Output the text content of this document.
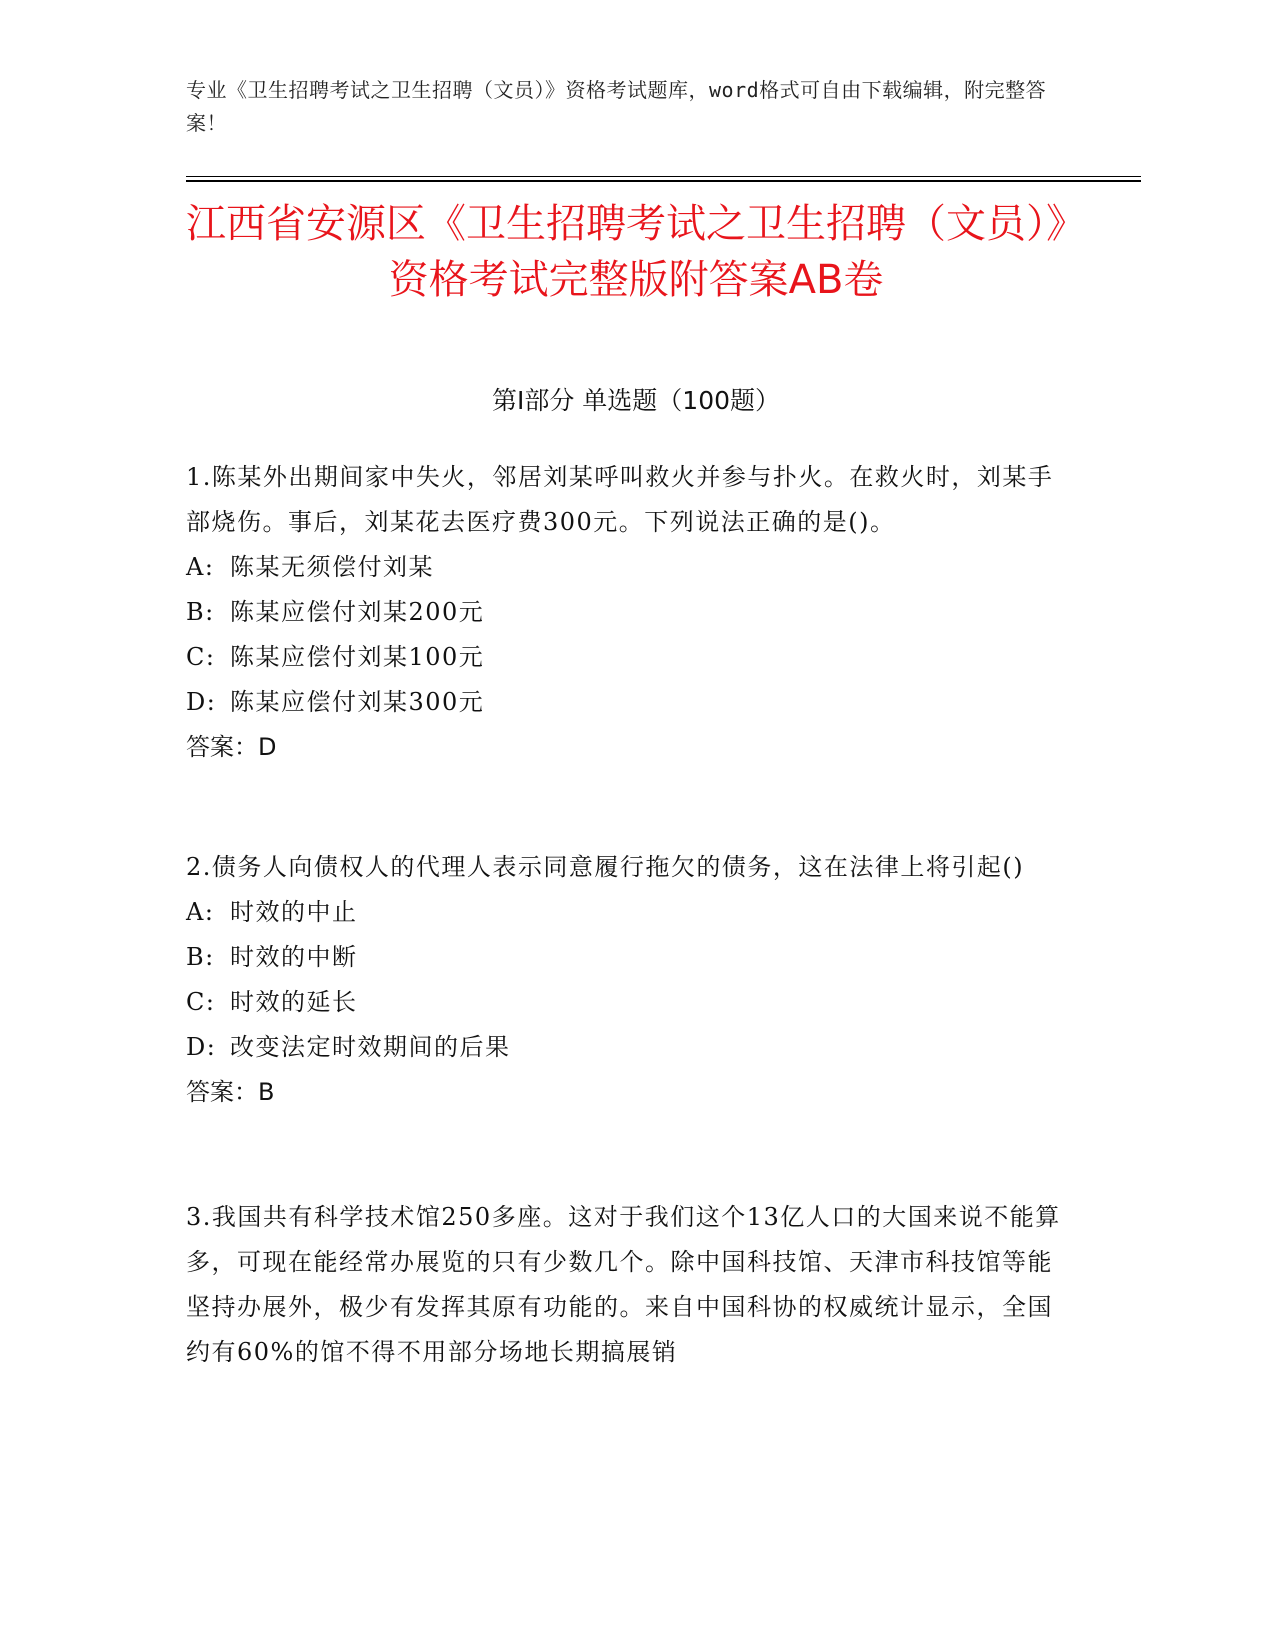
专业《卫生招聘考试之卫生招聘（文员）》资格考试题库，word格式可自由下载编辑，附完整答案！
江西省安源区《卫生招聘考试之卫生招聘（文员）》资格考试完整版附答案AB卷
第Ⅰ部分 单选题（100题）

1.陈某外出期间家中失火，邻居刘某呼叫救火并参与扑火。在救火时，刘某手部烧伤。事后，刘某花去医疗费300元。下列说法正确的是()。

A: 陈某无须偿付刘某

B: 陈某应偿付刘某200元

C: 陈某应偿付刘某100元

D: 陈某应偿付刘某300元

答案：D

2.债务人向债权人的代理人表示同意履行拖欠的债务，这在法律上将引起()

A: 时效的中止

B: 时效的中断

C: 时效的延长

D: 改变法定时效期间的后果

答案：B

3.我国共有科学技术馆250多座。这对于我们这个13亿人口的大国来说不能算多，可现在能经常办展览的只有少数几个。除中国科技馆、天津市科技馆等能坚持办展外，极少有发挥其原有功能的。来自中国科协的权威统计显示，全国约有60%的馆不得不用部分场地长期搞展销
